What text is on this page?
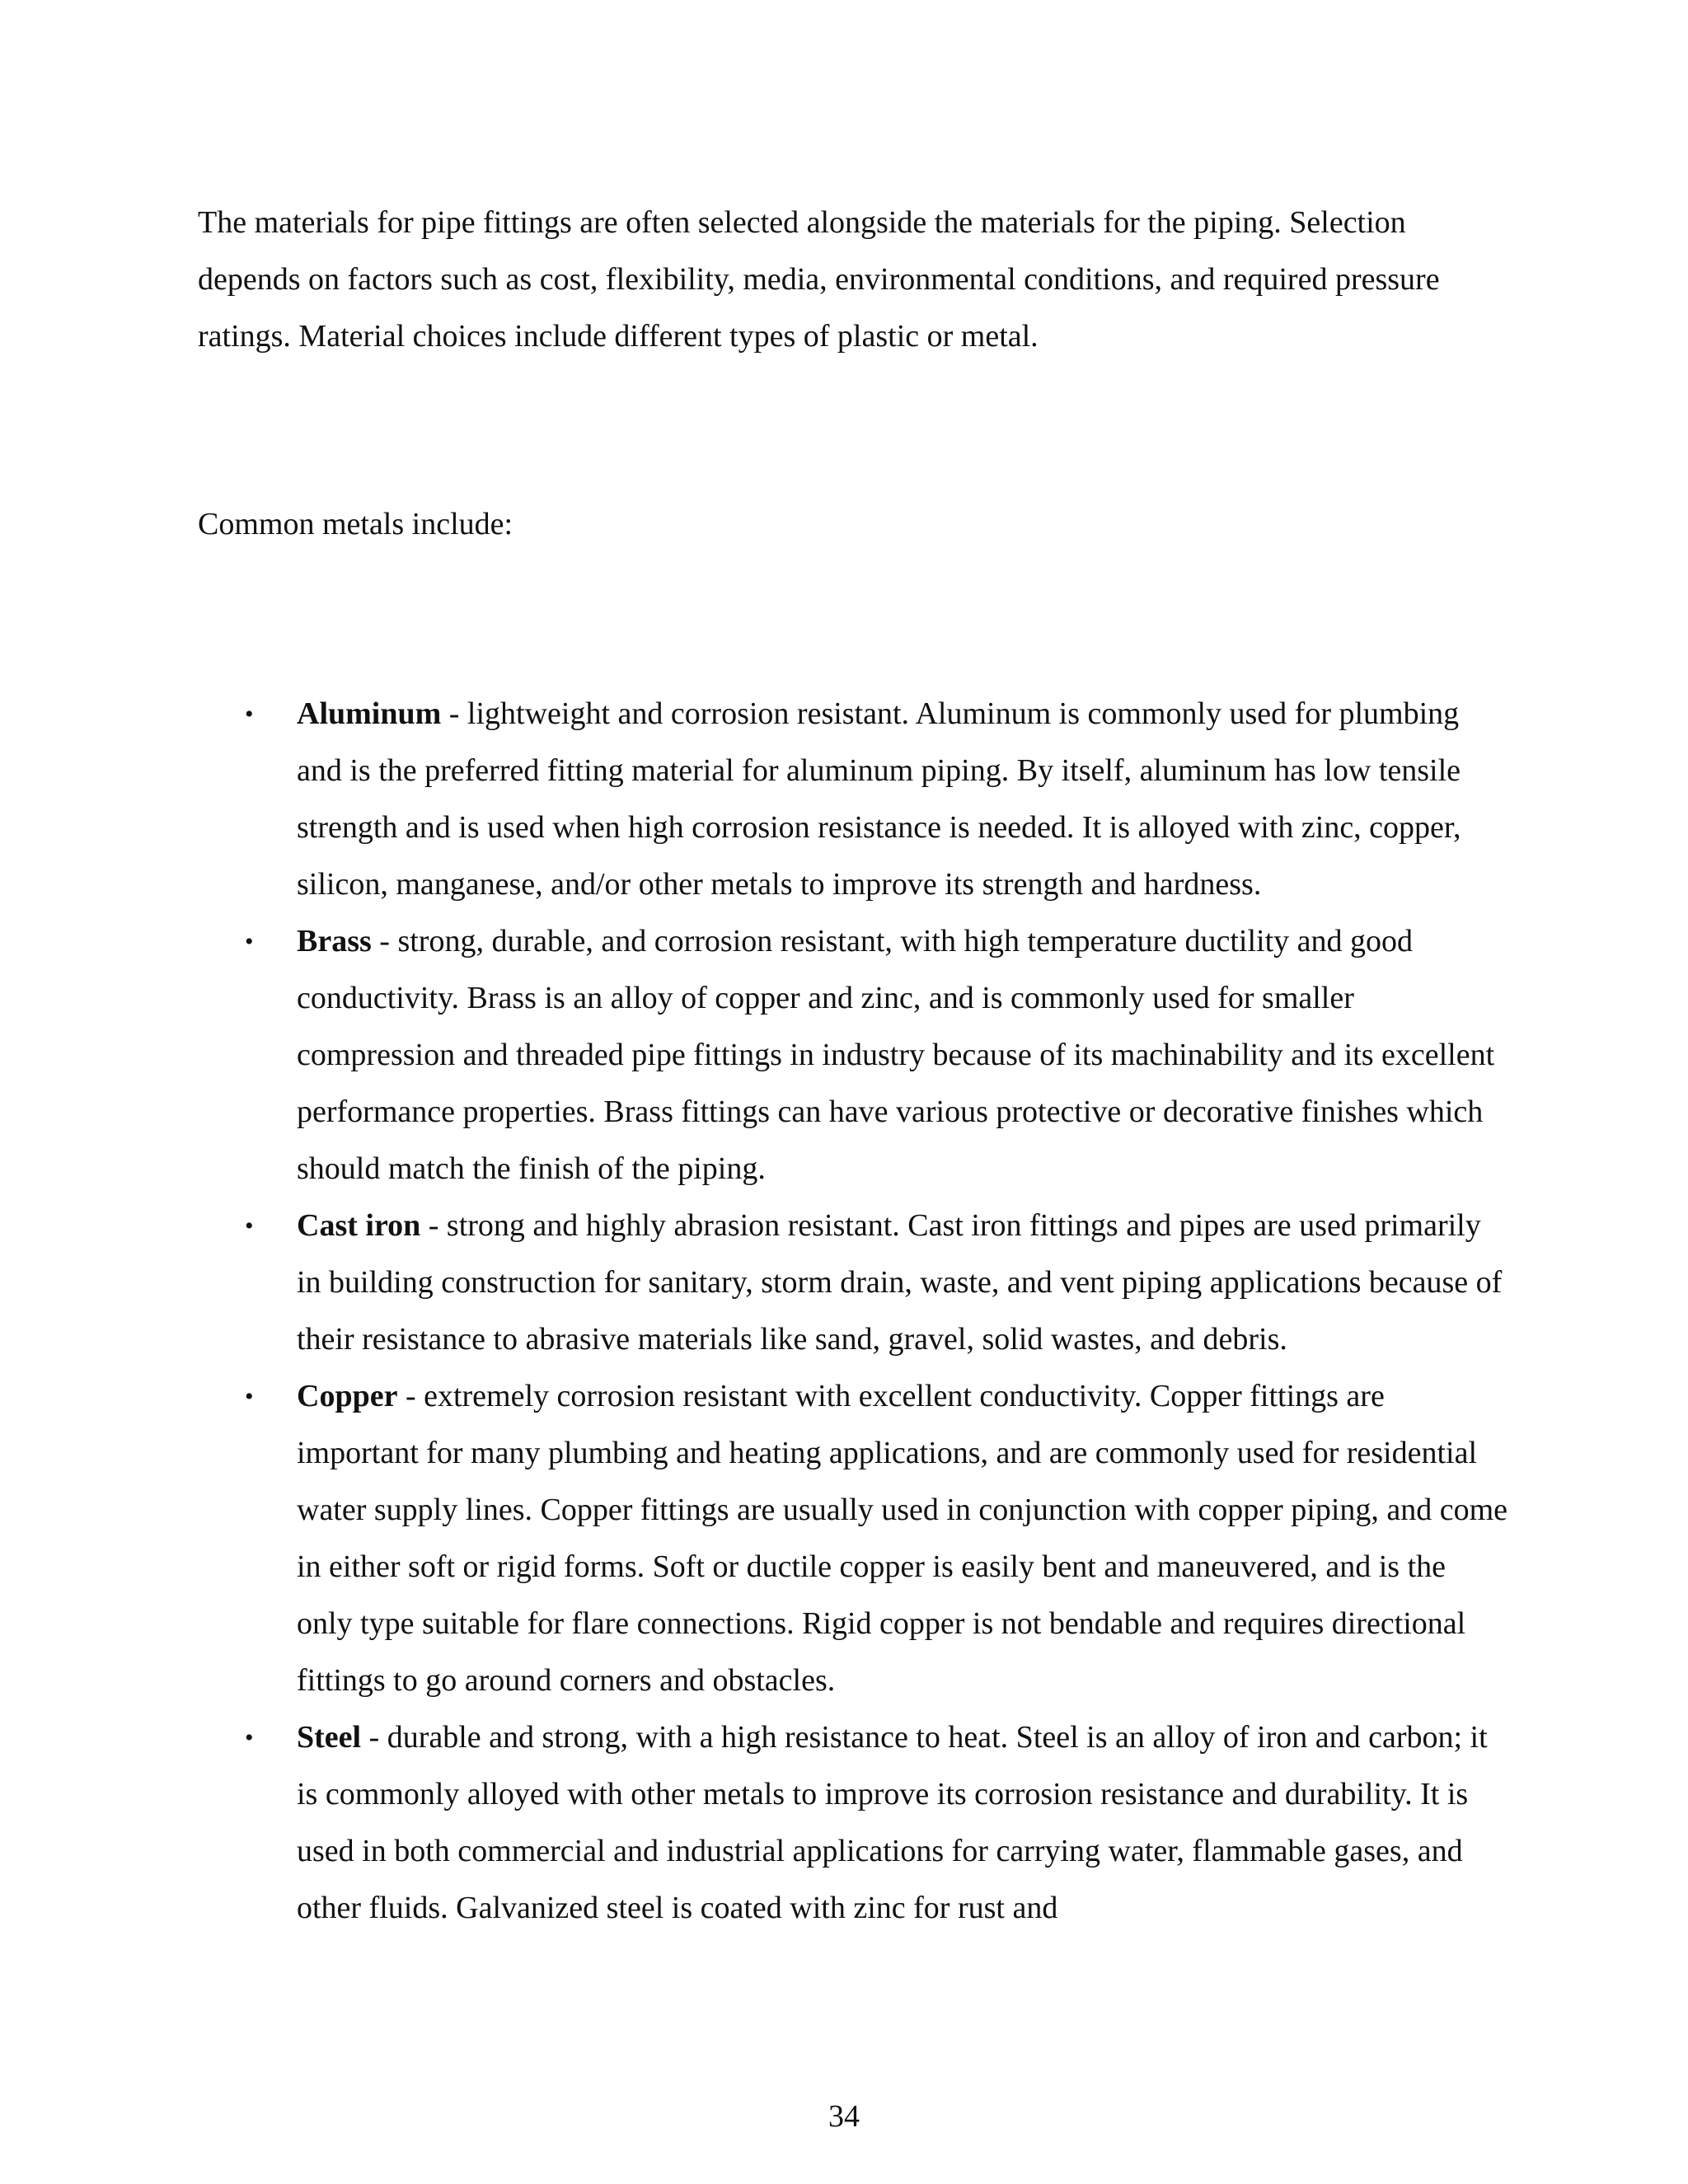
The materials for pipe fittings are often selected alongside the materials for the piping. Selection depends on factors such as cost, flexibility, media, environmental conditions, and required pressure ratings. Material choices include different types of plastic or metal.

Common metals include:

• Aluminum - lightweight and corrosion resistant. Aluminum is commonly used for plumbing and is the preferred fitting material for aluminum piping. By itself, aluminum has low tensile strength and is used when high corrosion resistance is needed. It is alloyed with zinc, copper, silicon, manganese, and/or other metals to improve its strength and hardness.
• Brass - strong, durable, and corrosion resistant, with high temperature ductility and good conductivity. Brass is an alloy of copper and zinc, and is commonly used for smaller compression and threaded pipe fittings in industry because of its machinability and its excellent performance properties. Brass fittings can have various protective or decorative finishes which should match the finish of the piping.
• Cast iron - strong and highly abrasion resistant. Cast iron fittings and pipes are used primarily in building construction for sanitary, storm drain, waste, and vent piping applications because of their resistance to abrasive materials like sand, gravel, solid wastes, and debris.
• Copper - extremely corrosion resistant with excellent conductivity. Copper fittings are important for many plumbing and heating applications, and are commonly used for residential water supply lines. Copper fittings are usually used in conjunction with copper piping, and come in either soft or rigid forms. Soft or ductile copper is easily bent and maneuvered, and is the only type suitable for flare connections. Rigid copper is not bendable and requires directional fittings to go around corners and obstacles.
• Steel - durable and strong, with a high resistance to heat. Steel is an alloy of iron and carbon; it is commonly alloyed with other metals to improve its corrosion resistance and durability. It is used in both commercial and industrial applications for carrying water, flammable gases, and other fluids. Galvanized steel is coated with zinc for rust and
34
